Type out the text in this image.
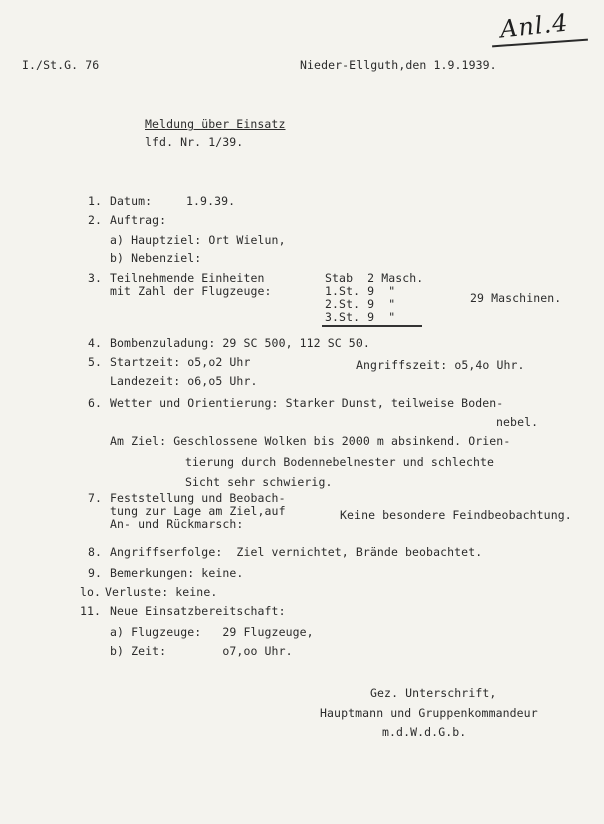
Anl.4
I./St.G. 76	Nieder-Ellguth,den 1.9.1939.
Meldung über Einsatz
lfd. Nr. 1/39.
1. Datum:	1.9.39.
2. Auftrag:
a) Hauptziel: Ort Wielun,
b) Nebenziel:
3. Teilnehmende Einheiten
mit Zahl der Flugzeuge:
Stab  2 Masch.
1.St. 9  "
2.St. 9  "
3.St. 9  "
29 Maschinen.
4. Bombenzuladung: 29 SC 500, 112 SC 50.
5. Startzeit: o5,o2 Uhr	Angriffszeit: o5,4o Uhr.
Landezeit: o6,o5 Uhr.
6. Wetter und Orientierung: Starker Dunst, teilweise Boden-
nebel.
Am Ziel: Geschlossene Wolken bis 2000 m absinkend. Orien-
tierung durch Bodennebelnester und schlechte
Sicht sehr schwierig.
7. Feststellung und Beobach-
tung zur Lage am Ziel,auf
An- und Rückmarsch:
Keine besondere Feindbeobachtung.
8. Angriffserfolge:  Ziel vernichtet, Brände beobachtet.
9. Bemerkungen: keine.
lo. Verluste: keine.
11. Neue Einsatzbereitschaft:
a) Flugzeuge:   29 Flugzeuge,
b) Zeit:        o7,oo Uhr.
Gez. Unterschrift,
Hauptmann und Gruppenkommandeur
m.d.W.d.G.b.
